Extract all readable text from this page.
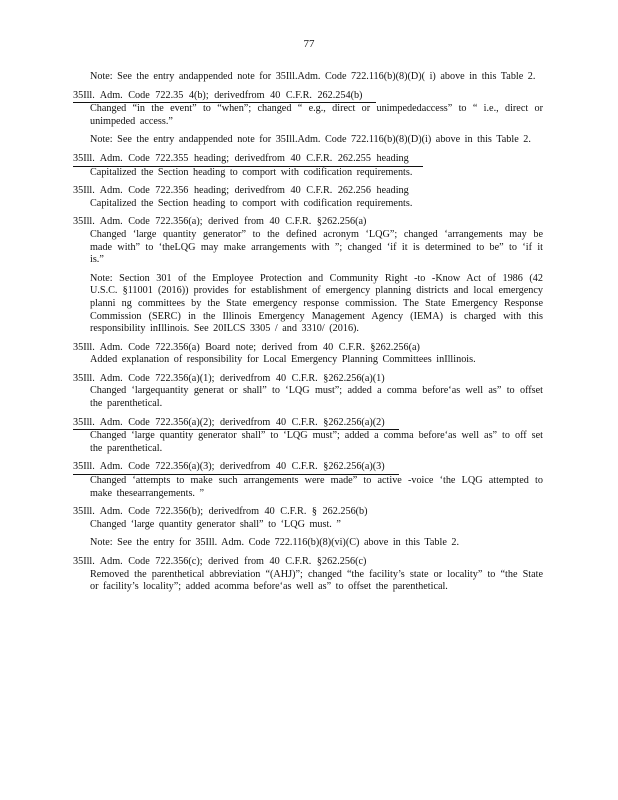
77
Note: See the entry andappended note for 35Ill.Adm. Code 722.116(b)(8)(D)( i) above in this Table 2.
35Ill. Adm. Code 722.35 4(b); derivedfrom 40 C.F.R. 262.254(b)
Changed “in the event” to “when”; changed “ e.g., direct or unimpededaccess” to “ i.e., direct or unimpeded access.”
Note: See the entry andappended note for 35Ill.Adm. Code 722.116(b)(8)(D)(i) above in this Table 2.
35Ill. Adm. Code 722.355 heading; derivedfrom 40 C.F.R. 262.255 heading
Capitalized the Section heading to comport with codification requirements.
35Ill. Adm. Code 722.356 heading; derivedfrom 40 C.F.R. 262.256 heading
Capitalized the Section heading to comport with codification requirements.
35Ill. Adm. Code 722.356(a); derived from 40 C.F.R. §262.256(a)
Changed ‘large quantity generator” to the defined acronym ‘LQG”; changed ‘arrangements may be made with” to ‘theLQG may make arrangements with ”; changed ‘if it is determined to be” to ‘if it is.”
Note: Section 301 of the Employee Protection and Community Right -to -Know Act of 1986 (42 U.S.C. §11001 (2016)) provides for establishment of emergency planning districts and local emergency planni ng committees by the State emergency response commission. The State Emergency Response Commission (SERC) in the Illinois Emergency Management Agency (IEMA) is charged with this responsibility inIllinois. See 20ILCS 3305 / and 3310/ (2016).
35Ill. Adm. Code 722.356(a) Board note; derived from 40 C.F.R. §262.256(a)
Added explanation of responsibility for Local Emergency Planning Committees inIllinois.
35Ill. Adm. Code 722.356(a)(1); derivedfrom 40 C.F.R. §262.256(a)(1)
Changed ‘largequantity generat or shall” to ‘LQG must”; added a comma before‘as well as” to offset the parenthetical.
35Ill. Adm. Code 722.356(a)(2); derivedfrom 40 C.F.R. §262.256(a)(2)
Changed ‘large quantity generator shall” to ‘LQG must”; added a comma before‘as well as” to off set the parenthetical.
35Ill. Adm. Code 722.356(a)(3); derivedfrom 40 C.F.R. §262.256(a)(3)
Changed ‘attempts to make such arrangements were made” to active -voice ‘the LQG attempted to make thesearrangements. ”
35Ill. Adm. Code 722.356(b); derivedfrom 40 C.F.R. § 262.256(b)
Changed ‘large quantity generator shall” to ‘LQG must. ”
Note: See the entry for 35Ill. Adm. Code 722.116(b)(8)(vi)(C) above in this Table 2.
35Ill. Adm. Code 722.356(c); derived from 40 C.F.R. §262.256(c)
Removed the parenthetical abbreviation “(AHJ)”; changed “the facility’s state or locality” to “the State or facility’s locality”; added acomma before‘as well as” to offset the parenthetical.
